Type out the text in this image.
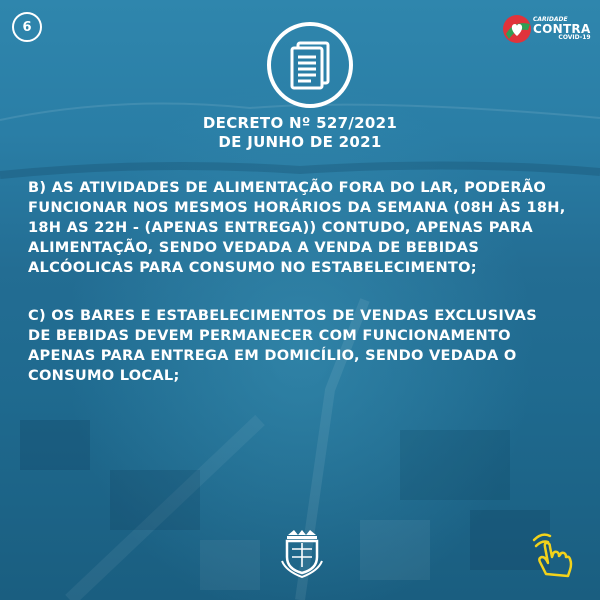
6	CARIDADE
CONTRA
COVID-19
DECRETO Nº 527/2021
DE JUNHO DE 2021
B) AS ATIVIDADES DE ALIMENTAÇÃO FORA DO LAR, PODERÃO
FUNCIONAR NOS MESMOS HORÁRIOS DA SEMANA (08H ÀS 18H,
18H AS 22H - (APENAS ENTREGA)) CONTUDO, APENAS PARA
ALIMENTAÇÃO, SENDO VEDADA A VENDA DE BEBIDAS
ALCÓOLICAS PARA CONSUMO NO ESTABELECIMENTO;
C) OS BARES E ESTABELECIMENTOS DE VENDAS EXCLUSIVAS
DE BEBIDAS DEVEM PERMANECER COM FUNCIONAMENTO
APENAS PARA ENTREGA EM DOMICÍLIO, SENDO VEDADA O
CONSUMO LOCAL;
